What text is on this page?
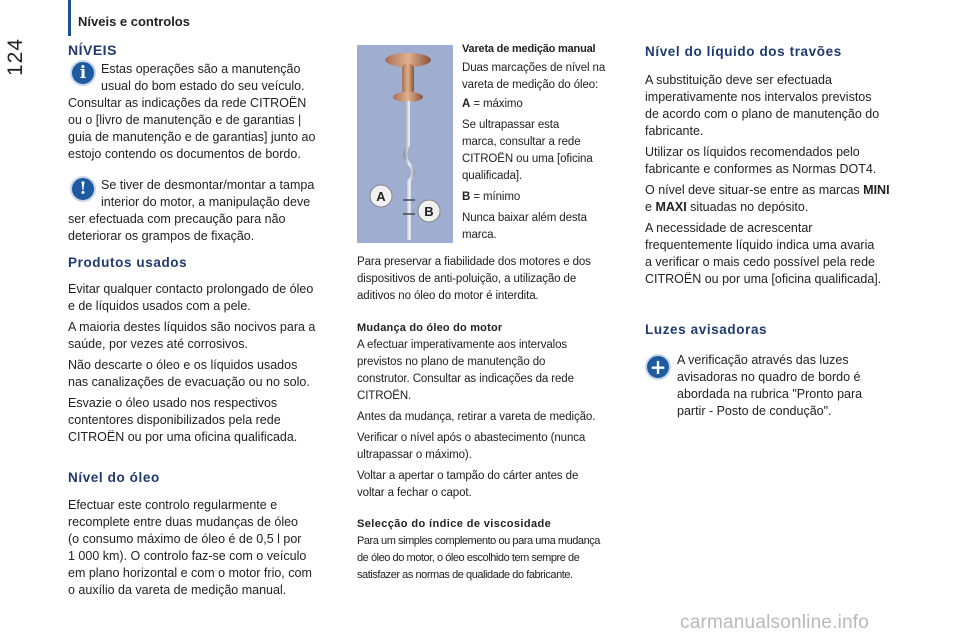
Níveis e controlos
124	NÍVEIS
i Estas operações são a manutenção
usual do bom estado do seu veículo.
Consultar as indicações da rede CITROËN
ou o [livro de manutenção e de garantias |
guia de manutenção e de garantias] junto ao
estojo contendo os documentos de bordo.
! Se tiver de desmontar/montar a tampa
interior do motor, a manipulação deve
ser efectuada com precaução para não
deteriorar os grampos de fixação.
Produtos usados
Evitar qualquer contacto prolongado de óleo
e de líquidos usados com a pele.
A maioria destes líquidos são nocivos para a
saúde, por vezes até corrosivos.
Não descarte o óleo e os líquidos usados
nas canalizações de evacuação ou no solo.
Esvazie o óleo usado nos respectivos
contentores disponibilizados pela rede
CITROËN ou por uma oficina qualificada.
Nível do óleo
Efectuar este controlo regularmente e
recomplete entre duas mudanças de óleo
(o consumo máximo de óleo é de 0,5 l por
1 000 km). O controlo faz-se com o veículo
em plano horizontal e com o motor frio, com
o auxílio da vareta de medição manual.
A
B
Vareta de medição manual
Duas marcações de nível na
vareta de medição do óleo:
A = máximo
Se ultrapassar esta
marca, consultar a rede
CITROËN ou uma [oficina
qualificada].
B = mínimo
Nunca baixar além desta
marca.
Para preservar a fiabilidade dos motores e dos
dispositivos de anti-poluição, a utilização de
aditivos no óleo do motor é interdita.
Mudança do óleo do motor
A efectuar imperativamente aos intervalos
previstos no plano de manutenção do
construtor. Consultar as indicações da rede
CITROËN.
Antes da mudança, retirar a vareta de medição.
Verificar o nível após o abastecimento (nunca
ultrapassar o máximo).
Voltar a apertar o tampão do cárter antes de
voltar a fechar o capot.
Selecção do índice de viscosidade
Para um simples complemento ou para uma mudança
de óleo do motor, o óleo escolhido tem sempre de
satisfazer as normas de qualidade do fabricante.
Nível do líquido dos travões
A substituição deve ser efectuada
imperativamente nos intervalos previstos
de acordo com o plano de manutenção do
fabricante.
Utilizar os líquidos recomendados pelo
fabricante e conformes as Normas DOT4.
O nível deve situar-se entre as marcas MINI
e MAXI situadas no depósito.
A necessidade de acrescentar
frequentemente líquido indica uma avaria
a verificar o mais cedo possível pela rede
CITROËN ou por uma [oficina qualificada].
Luzes avisadoras
+ A verificação através das luzes
avisadoras no quadro de bordo é
abordada na rubrica "Pronto para
partir - Posto de condução".
carmanualsonline.info
